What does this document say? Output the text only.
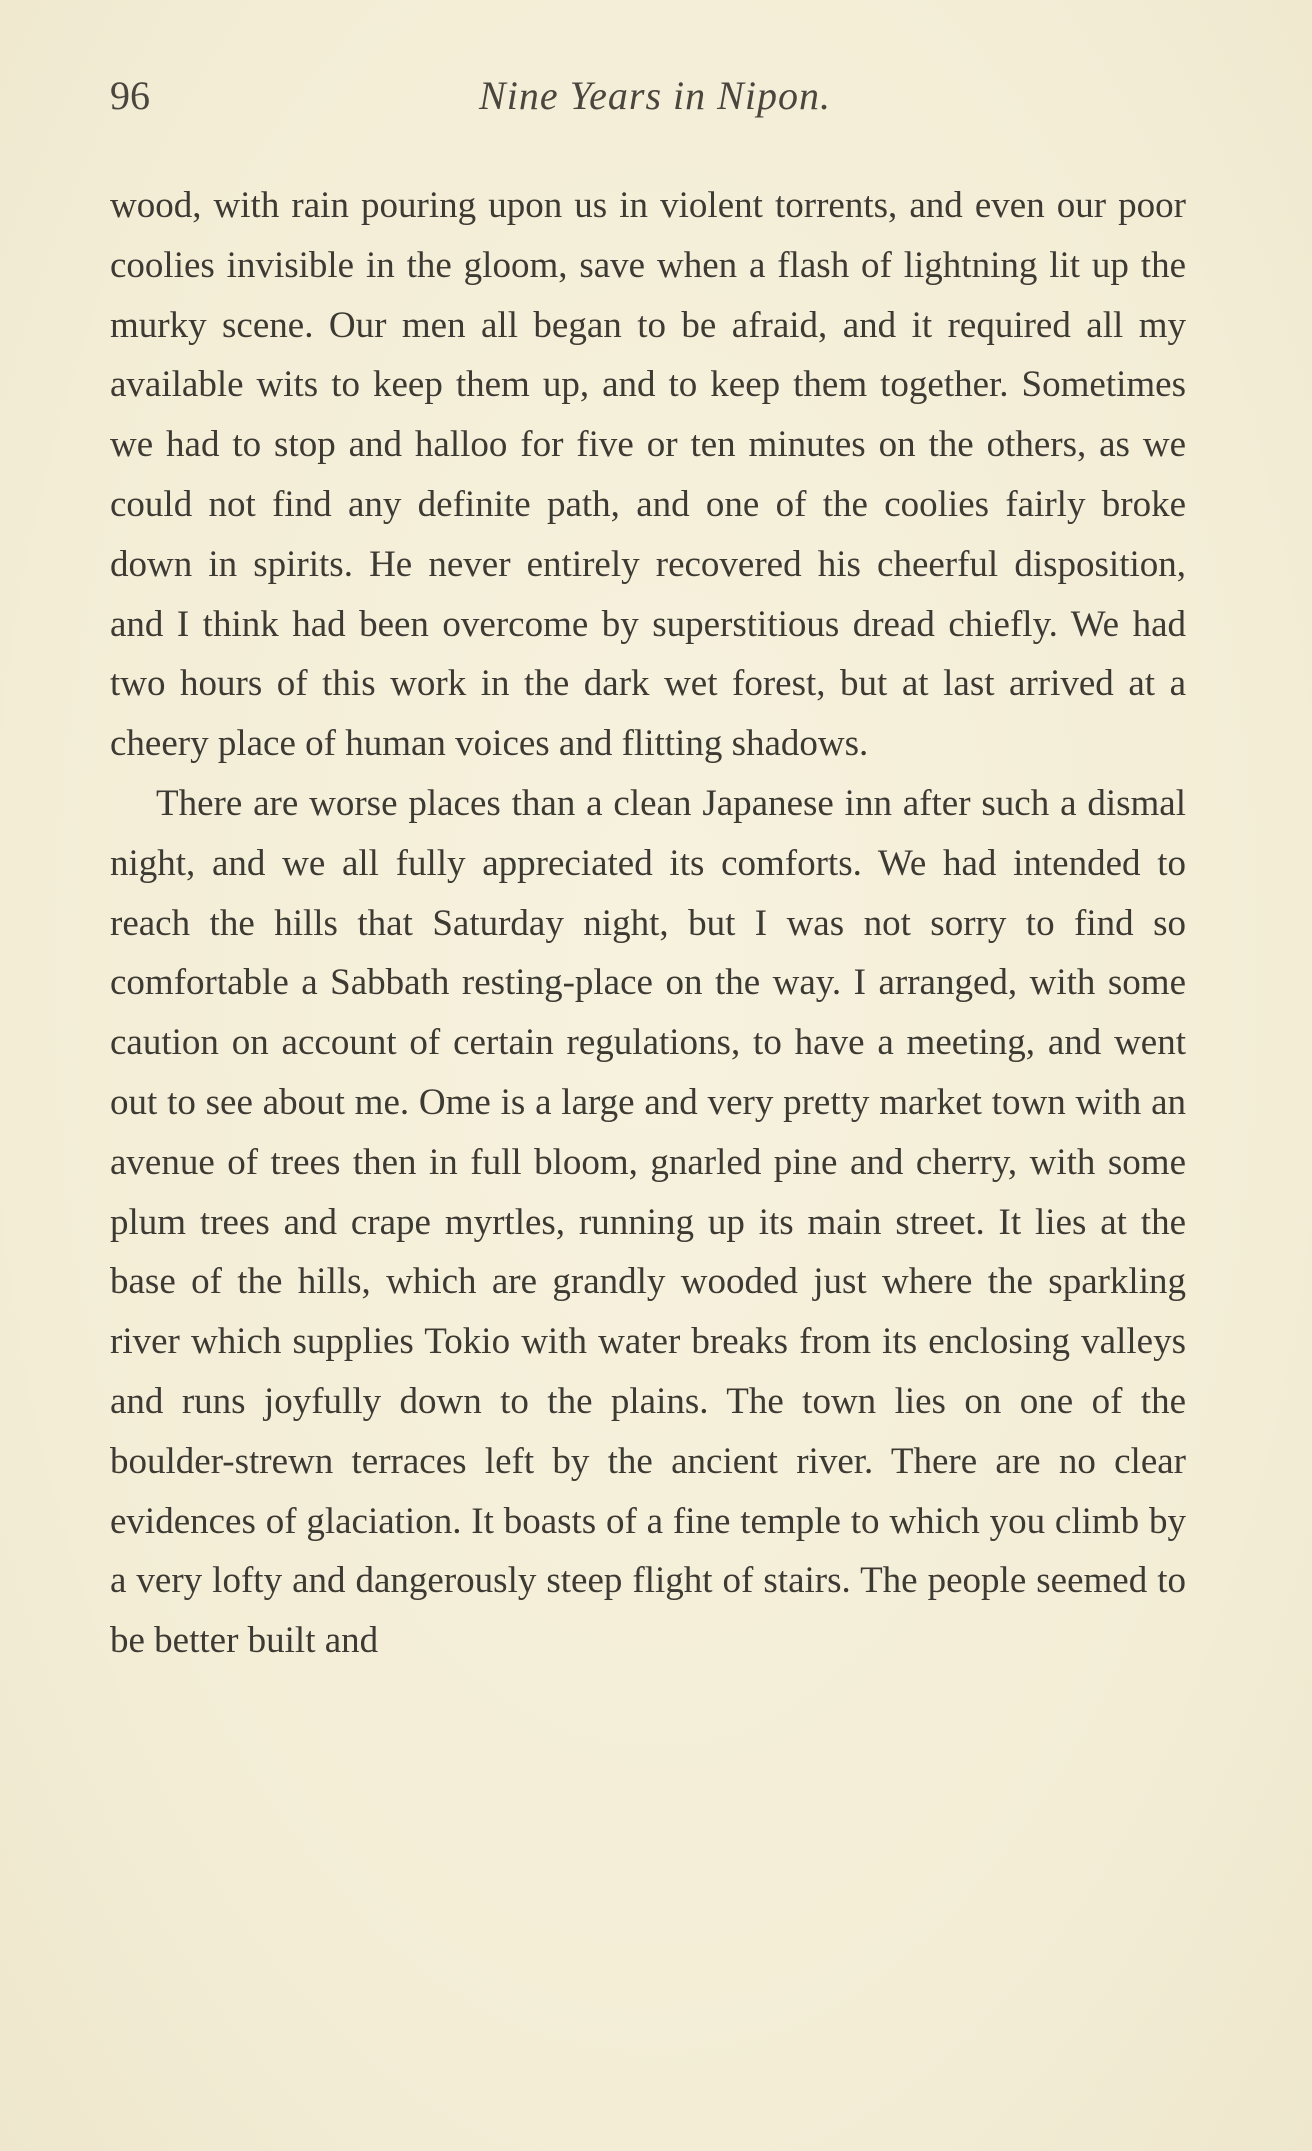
96	Nine Years in Nipon.

wood, with rain pouring upon us in violent torrents, and even our poor coolies invisible in the gloom, save when a flash of lightning lit up the murky scene. Our men all began to be afraid, and it required all my available wits to keep them up, and to keep them together. Sometimes we had to stop and halloo for five or ten minutes on the others, as we could not find any definite path, and one of the coolies fairly broke down in spirits. He never entirely recovered his cheerful disposition, and I think had been overcome by superstitious dread chiefly. We had two hours of this work in the dark wet forest, but at last arrived at a cheery place of human voices and flitting shadows.

There are worse places than a clean Japanese inn after such a dismal night, and we all fully appreciated its comforts. We had intended to reach the hills that Saturday night, but I was not sorry to find so comfortable a Sabbath resting-place on the way. I arranged, with some caution on account of certain regulations, to have a meeting, and went out to see about me. Ome is a large and very pretty market town with an avenue of trees then in full bloom, gnarled pine and cherry, with some plum trees and crape myrtles, running up its main street. It lies at the base of the hills, which are grandly wooded just where the sparkling river which supplies Tokio with water breaks from its enclosing valleys and runs joyfully down to the plains. The town lies on one of the boulder-strewn terraces left by the ancient river. There are no clear evidences of glaciation. It boasts of a fine temple to which you climb by a very lofty and dangerously steep flight of stairs. The people seemed to be better built and
